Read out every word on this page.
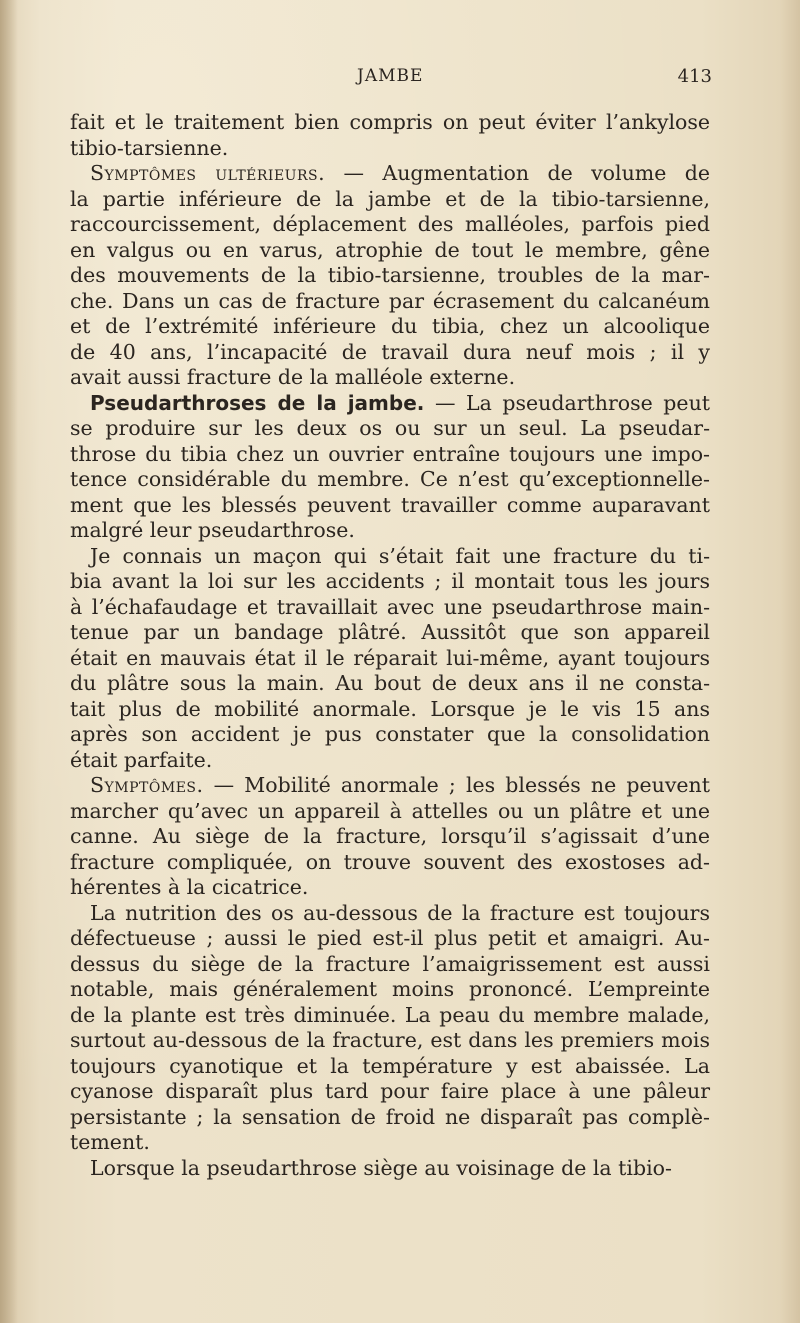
JAMBE	413
fait et le traitement bien compris on peut éviter l’ankylose
tibio-tarsienne.
Symptômes ultérieurs. — Augmentation de volume de
la partie inférieure de la jambe et de la tibio-tarsienne,
raccourcissement, déplacement des malléoles, parfois pied
en valgus ou en varus, atrophie de tout le membre, gêne
des mouvements de la tibio-tarsienne, troubles de la mar-
che. Dans un cas de fracture par écrasement du calcanéum
et de l’extrémité inférieure du tibia, chez un alcoolique
de 40 ans, l’incapacité de travail dura neuf mois ; il y
avait aussi fracture de la malléole externe.
Pseudarthroses de la jambe. — La pseudarthrose peut
se produire sur les deux os ou sur un seul. La pseudar-
throse du tibia chez un ouvrier entraîne toujours une impo-
tence considérable du membre. Ce n’est qu’exceptionnelle-
ment que les blessés peuvent travailler comme auparavant
malgré leur pseudarthrose.
Je connais un maçon qui s’était fait une fracture du ti-
bia avant la loi sur les accidents ; il montait tous les jours
à l’échafaudage et travaillait avec une pseudarthrose main-
tenue par un bandage plâtré. Aussitôt que son appareil
était en mauvais état il le réparait lui-même, ayant toujours
du plâtre sous la main. Au bout de deux ans il ne consta-
tait plus de mobilité anormale. Lorsque je le vis 15 ans
après son accident je pus constater que la consolidation
était parfaite.
Symptômes. — Mobilité anormale ; les blessés ne peuvent
marcher qu’avec un appareil à attelles ou un plâtre et une
canne. Au siège de la fracture, lorsqu’il s’agissait d’une
fracture compliquée, on trouve souvent des exostoses ad-
hérentes à la cicatrice.
La nutrition des os au-dessous de la fracture est toujours
défectueuse ; aussi le pied est-il plus petit et amaigri. Au-
dessus du siège de la fracture l’amaigrissement est aussi
notable, mais généralement moins prononcé. L’empreinte
de la plante est très diminuée. La peau du membre malade,
surtout au-dessous de la fracture, est dans les premiers mois
toujours cyanotique et la température y est abaissée. La
cyanose disparaît plus tard pour faire place à une pâleur
persistante ; la sensation de froid ne disparaît pas complè-
tement.
Lorsque la pseudarthrose siège au voisinage de la tibio-
